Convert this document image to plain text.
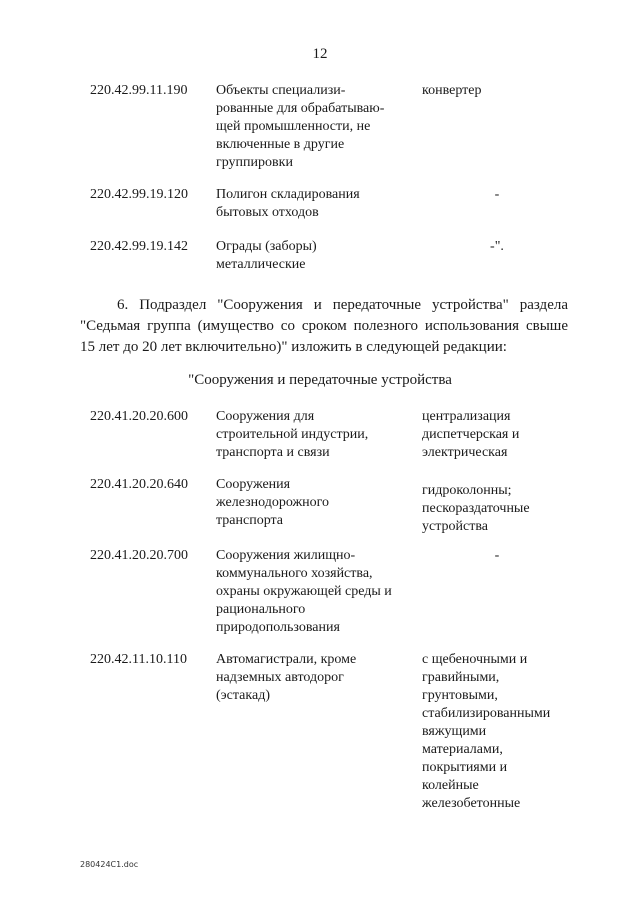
12
220.42.99.11.190 Объекты специализи-
рованные для обрабатываю-
щей промышленности, не
включенные в другие
группировки
конвертер
220.42.99.19.120 Полигон складирования
бытовых отходов
-
220.42.99.19.142 Ограды (заборы)
металлические
-".
6. Подраздел "Сооружения и передаточные устройства" раздела
"Седьмая группа (имущество со сроком полезного использования свыше
15 лет до 20 лет включительно)" изложить в следующей редакции:
"Сооружения и передаточные устройства
220.41.20.20.600 Сооружения для
строительной индустрии,
транспорта и связи
централизация
диспетчерская и
электрическая
220.41.20.20.640 Сооружения
железнодорожного
транспорта
гидроколонны;
пескораздаточные
устройства
220.41.20.20.700 Сооружения жилищно-
коммунального хозяйства,
охраны окружающей среды и
рационального
природопользования
-
220.42.11.10.110 Автомагистрали, кроме
надземных автодорог
(эстакад)
с щебеночными и
гравийными,
грунтовыми,
стабилизированными
вяжущими
материалами,
покрытиями и
колейные
железобетонные
280424C1.doc
